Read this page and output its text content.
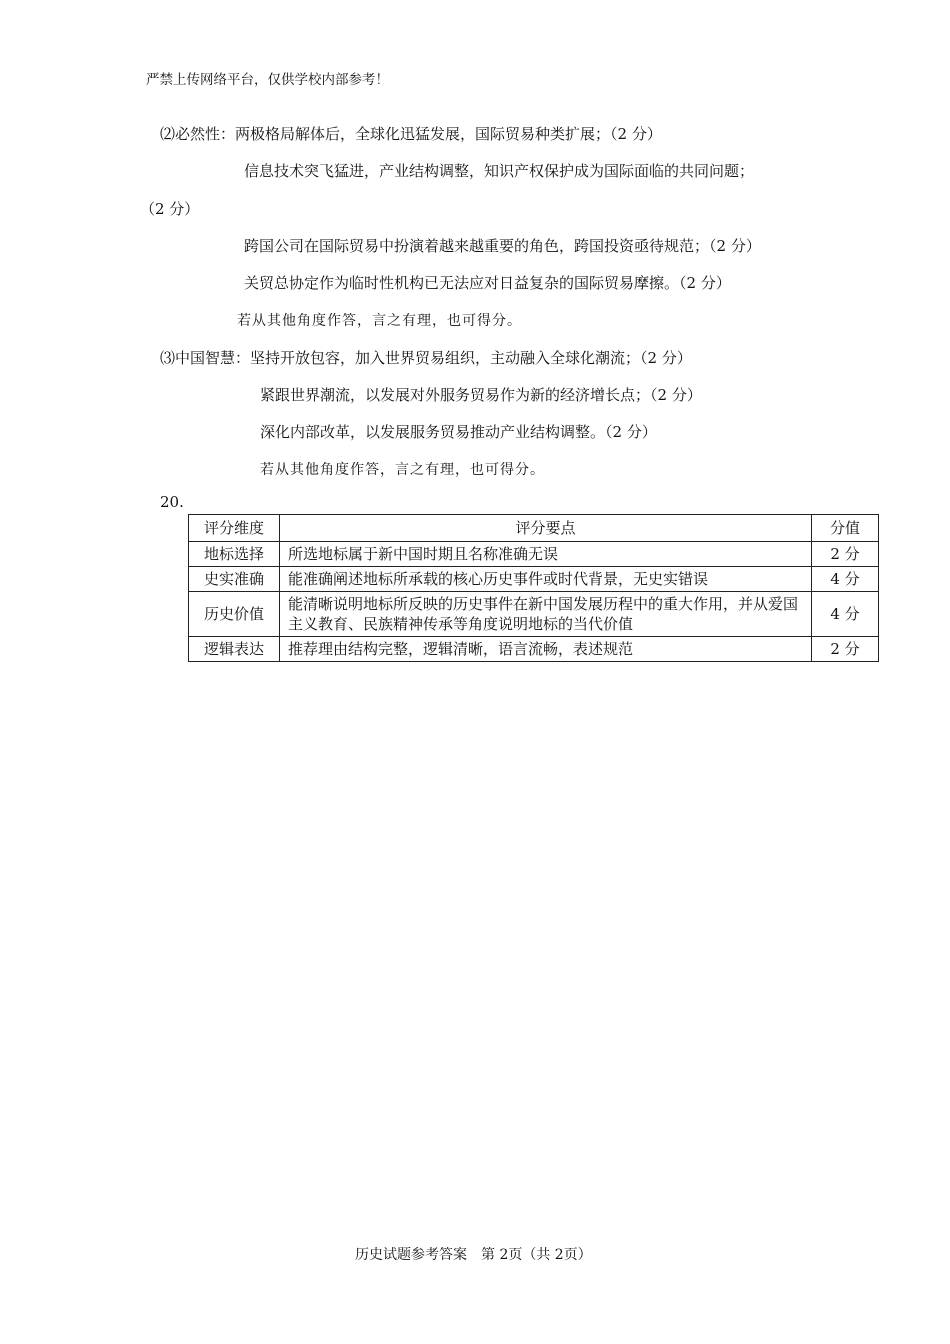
严禁上传网络平台，仅供学校内部参考！
⑵必然性：两极格局解体后，全球化迅猛发展，国际贸易种类扩展；（2 分）
信息技术突飞猛进，产业结构调整，知识产权保护成为国际面临的共同问题；
（2 分）
跨国公司在国际贸易中扮演着越来越重要的角色，跨国投资亟待规范；（2 分）
关贸总协定作为临时性机构已无法应对日益复杂的国际贸易摩擦。（2 分）
若从其他角度作答，言之有理，也可得分。
⑶中国智慧：坚持开放包容，加入世界贸易组织，主动融入全球化潮流；（2 分）
紧跟世界潮流，以发展对外服务贸易作为新的经济增长点；（2 分）
深化内部改革，以发展服务贸易推动产业结构调整。（2 分）
若从其他角度作答，言之有理，也可得分。
20.
评分维度	评分要点	分值
地标选择	所选地标属于新中国时期且名称准确无误	2 分
史实准确	能准确阐述地标所承载的核心历史事件或时代背景，无史实错误	4 分
历史价值	能清晰说明地标所反映的历史事件在新中国发展历程中的重大作用，并从爱国主义教育、民族精神传承等角度说明地标的当代价值	4 分
逻辑表达	推荐理由结构完整，逻辑清晰，语言流畅，表述规范	2 分
历史试题参考答案　第 2页（共 2页）
